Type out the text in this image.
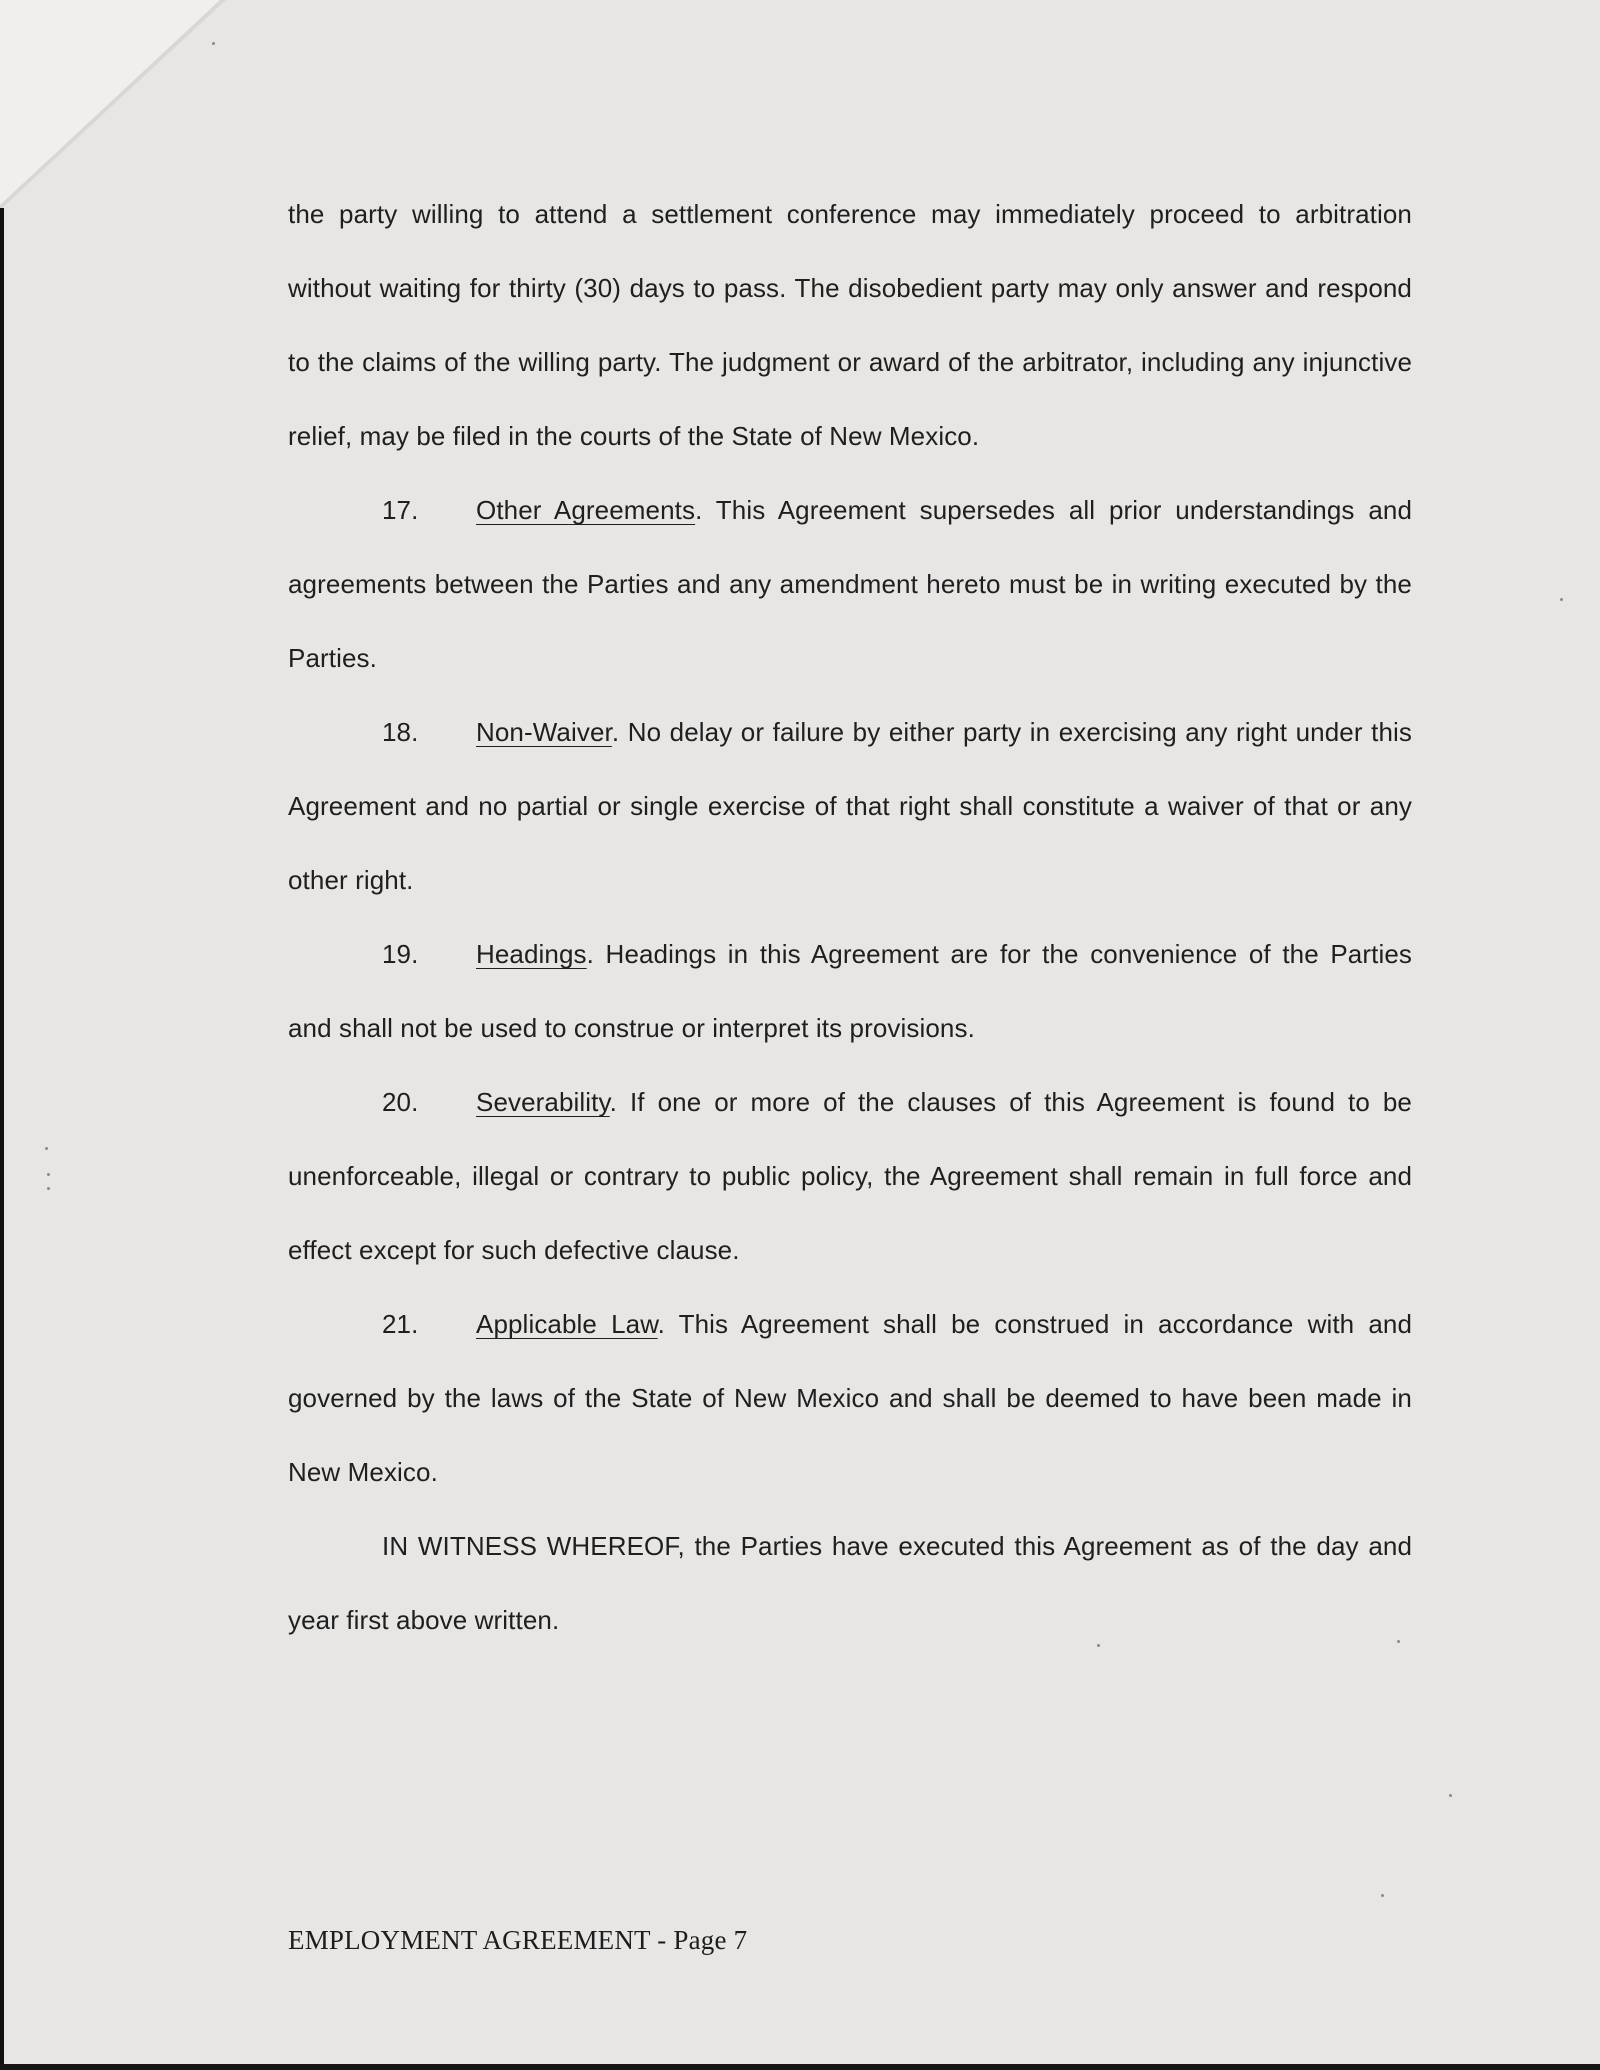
the party willing to attend a settlement conference may immediately proceed to arbitration without waiting for thirty (30) days to pass. The disobedient party may only answer and respond to the claims of the willing party. The judgment or award of the arbitrator, including any injunctive relief, may be filed in the courts of the State of New Mexico.

17. Other Agreements. This Agreement supersedes all prior understandings and agreements between the Parties and any amendment hereto must be in writing executed by the Parties.

18. Non-Waiver. No delay or failure by either party in exercising any right under this Agreement and no partial or single exercise of that right shall constitute a waiver of that or any other right.

19. Headings. Headings in this Agreement are for the convenience of the Parties and shall not be used to construe or interpret its provisions.

20. Severability. If one or more of the clauses of this Agreement is found to be unenforceable, illegal or contrary to public policy, the Agreement shall remain in full force and effect except for such defective clause.

21. Applicable Law. This Agreement shall be construed in accordance with and governed by the laws of the State of New Mexico and shall be deemed to have been made in New Mexico.

IN WITNESS WHEREOF, the Parties have executed this Agreement as of the day and year first above written.

EMPLOYMENT AGREEMENT - Page 7
